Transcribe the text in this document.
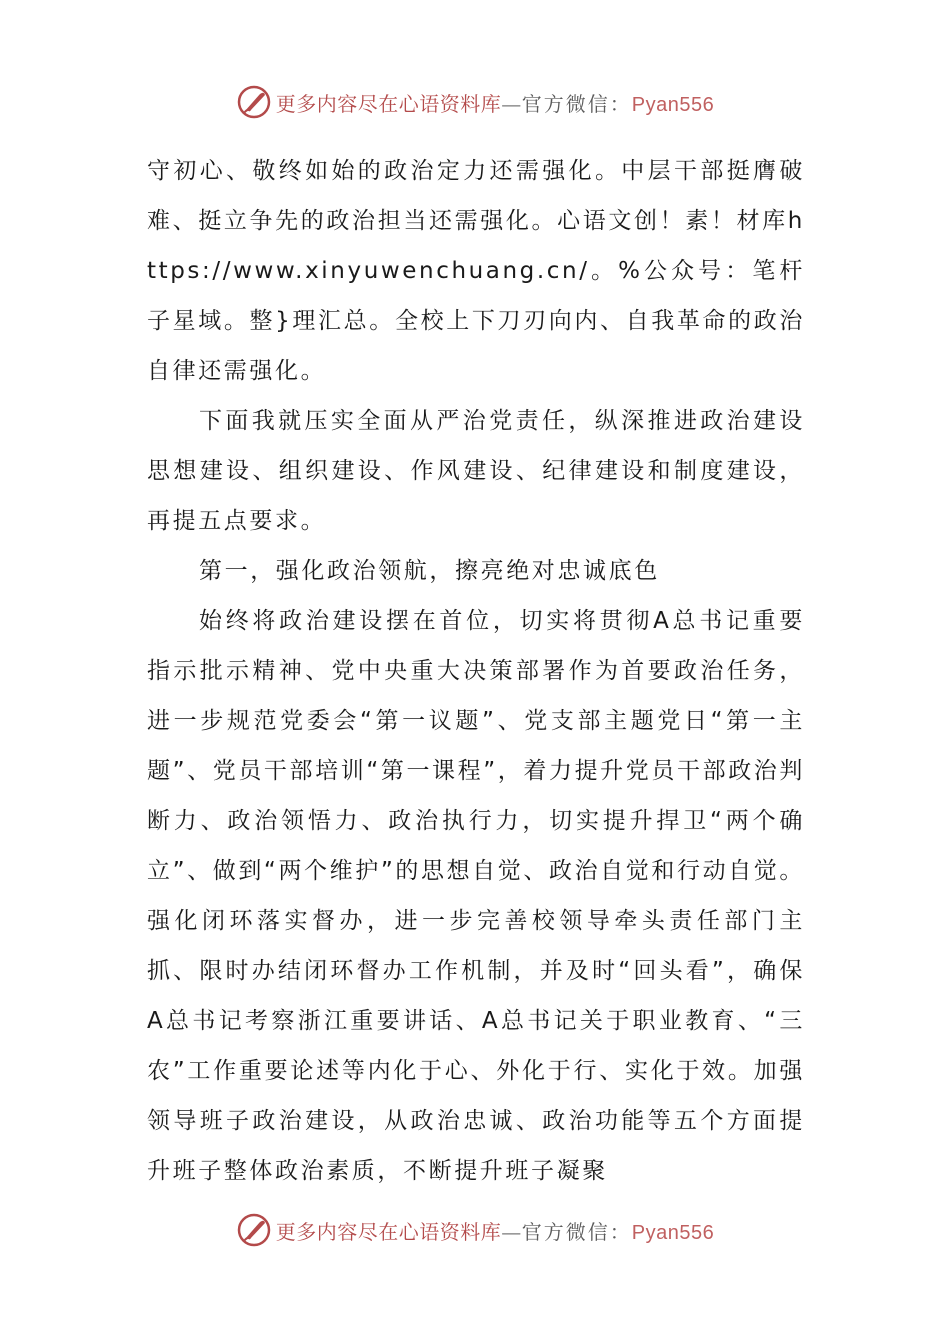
更多内容尽在心语资料库—官方微信：Pyan556

守初心、敬终如始的政治定力还需强化。中层干部挺膺破难、挺立争先的政治担当还需强化。心语文创！素！材库https://www.xinyuwenchuang.cn/。%公众号：笔杆子星域。整}理汇总。全校上下刀刃向内、自我革命的政治自律还需强化。

下面我就压实全面从严治党责任，纵深推进政治建设思想建设、组织建设、作风建设、纪律建设和制度建设，再提五点要求。

第一，强化政治领航，擦亮绝对忠诚底色

始终将政治建设摆在首位，切实将贯彻A总书记重要指示批示精神、党中央重大决策部署作为首要政治任务，进一步规范党委会“第一议题”、党支部主题党日“第一主题”、党员干部培训“第一课程”，着力提升党员干部政治判断力、政治领悟力、政治执行力，切实提升捍卫“两个确立”、做到“两个维护”的思想自觉、政治自觉和行动自觉。强化闭环落实督办，进一步完善校领导牵头责任部门主抓、限时办结闭环督办工作机制，并及时“回头看”，确保A总书记考察浙江重要讲话、A总书记关于职业教育、“三农”工作重要论述等内化于心、外化于行、实化于效。加强领导班子政治建设，从政治忠诚、政治功能等五个方面提升班子整体政治素质，不断提升班子凝聚

更多内容尽在心语资料库—官方微信：Pyan556
